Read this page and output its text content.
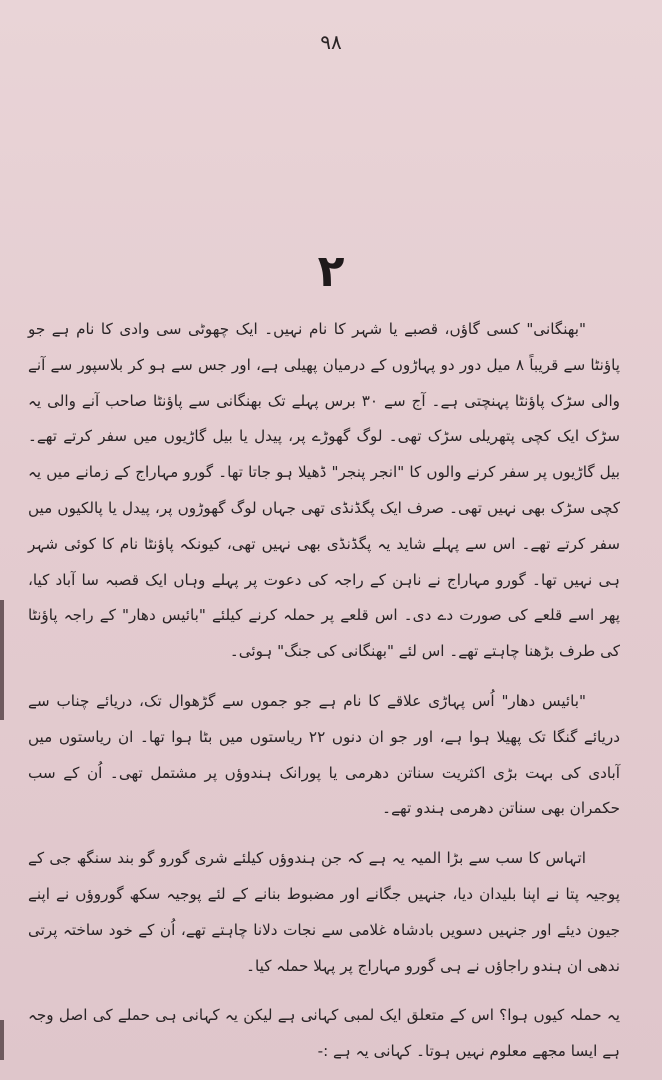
۹۸
۲

"بھنگانی" کسی گاؤں، قصبے یا شہر کا نام نہیں۔ ایک چھوٹی سی وادی کا نام ہے جو پاؤنٹا سے قریباً ۸ میل دور دو پہاڑوں کے درمیان پھیلی ہے، اور جس سے ہو کر بلاسپور سے آنے والی سڑک پاؤنٹا پہنچتی ہے۔ آج سے ۳۰ برس پہلے تک بھنگانی سے پاؤنٹا صاحب آنے والی یہ سڑک ایک کچی پتھریلی سڑک تھی۔ لوگ گھوڑے پر، پیدل یا بیل گاڑیوں میں سفر کرتے تھے۔ بیل گاڑیوں پر سفر کرنے والوں کا "انجر پنجر" ڈھیلا ہو جاتا تھا۔ گورو مہاراج کے زمانے میں یہ کچی سڑک بھی نہیں تھی۔ صرف ایک پگڈنڈی تھی جہاں لوگ گھوڑوں پر، پیدل یا پالکیوں میں سفر کرتے تھے۔ اس سے پہلے شاید یہ پگڈنڈی بھی نہیں تھی، کیونکہ پاؤنٹا نام کا کوئی شہر ہی نہیں تھا۔ گورو مہاراج نے ناہن کے راجہ کی دعوت پر پہلے وہاں ایک قصبہ سا آباد کیا، پھر اسے قلعے کی صورت دے دی۔ اس قلعے پر حملہ کرنے کیلئے "بائیس دھار" کے راجہ پاؤنٹا کی طرف بڑھنا چاہتے تھے۔ اس لئے "بھنگانی کی جنگ" ہوئی۔

"بائیس دھار" اُس پہاڑی علاقے کا نام ہے جو جموں سے گڑھوال تک، دریائے چناب سے دریائے گنگا تک پھیلا ہوا ہے، اور جو ان دنوں ۲۲ ریاستوں میں بٹا ہوا تھا۔ ان ریاستوں میں آبادی کی بہت بڑی اکثریت سناتن دھرمی یا پورانک ہندوؤں پر مشتمل تھی۔ اُن کے سب حکمران بھی سناتن دھرمی ہندو تھے۔

اتہاس کا سب سے بڑا المیہ یہ ہے کہ جن ہندوؤں کیلئے شری گورو گو بند سنگھ جی کے پوجیہ پتا نے اپنا بلیدان دیا، جنہیں جگانے اور مضبوط بنانے کے لئے پوجیہ سکھ گوروؤں نے اپنے جیون دیئے اور جنہیں دسویں بادشاہ غلامی سے نجات دلانا چاہتے تھے، اُن کے خود ساختہ پرتی ندھی ان ہندو راجاؤں نے ہی گورو مہاراج پر پہلا حملہ کیا۔

یہ حملہ کیوں ہوا؟ اس کے متعلق ایک لمبی کہانی ہے لیکن یہ کہانی ہی حملے کی اصل وجہ ہے ایسا مجھے معلوم نہیں ہوتا۔ کہانی یہ ہے :-
